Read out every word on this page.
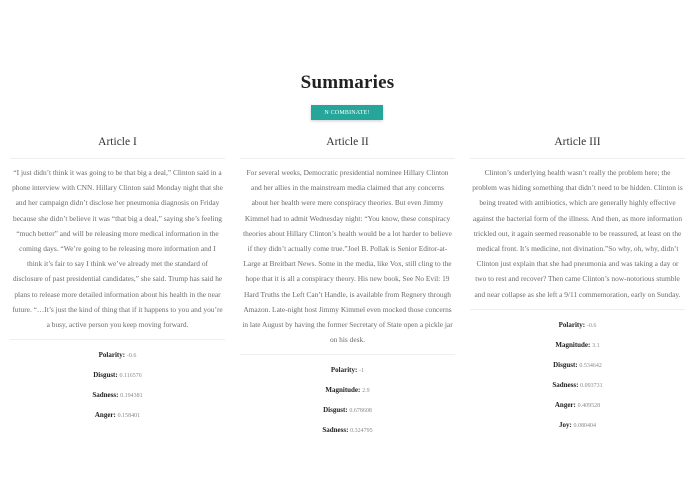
Summaries
N COMBINATE!
Article I

“I just didn’t think it was going to be that big a deal,” Clinton said in a phone interview with CNN. Hillary Clinton said Monday night that she and her campaign didn’t disclose her pneumonia diagnosis on Friday because she didn’t believe it was “that big a deal,” saying she’s feeling “much better” and will be releasing more medical information in the coming days. “We’re going to be releasing more information and I think it’s fair to say I think we’ve already met the standard of disclosure of past presidential candidates,” she said. Trump has said he plans to release more detailed information about his health in the near future. “…It’s just the kind of thing that if it happens to you and you’re a busy, active person you keep moving forward.

Polarity: -0.6
Disgust: 0.116576
Sadness: 0.194381
Anger: 0.158401
Article II

For several weeks, Democratic presidential nominee Hillary Clinton and her allies in the mainstream media claimed that any concerns about her health were mere conspiracy theories. But even Jimmy Kimmel had to admit Wednesday night: “You know, these conspiracy theories about Hillary Clinton’s health would be a lot harder to believe if they didn’t actually come true.”Joel B. Pollak is Senior Editor-at-Large at Breitbart News. Some in the media, like Vox, still cling to the hope that it is all a conspiracy theory. His new book, See No Evil: 19 Hard Truths the Left Can’t Handle, is available from Regnery through Amazon. Late-night host Jimmy Kimmel even mocked those concerns in late August by having the former Secretary of State open a pickle jar on his desk.

Polarity: -1
Magnitude: 2.9
Disgust: 0.678608
Sadness: 0.324795
Article III

Clinton’s underlying health wasn’t really the problem here; the problem was hiding something that didn’t need to be hidden. Clinton is being treated with antibiotics, which are generally highly effective against the bacterial form of the illness. And then, as more information trickled out, it again seemed reasonable to be reassured, at least on the medical front. It’s medicine, not divination.”So why, oh, why, didn’t Clinton just explain that she had pneumonia and was taking a day or two to rest and recover? Then came Clinton’s now-notorious stumble and near collapse as she left a 9/11 commemoration, early on Sunday.

Polarity: -0.6
Magnitude: 3.1
Disgust: 0.534642
Sadness: 0.093731
Anger: 0.409528
Joy: 0.080404
